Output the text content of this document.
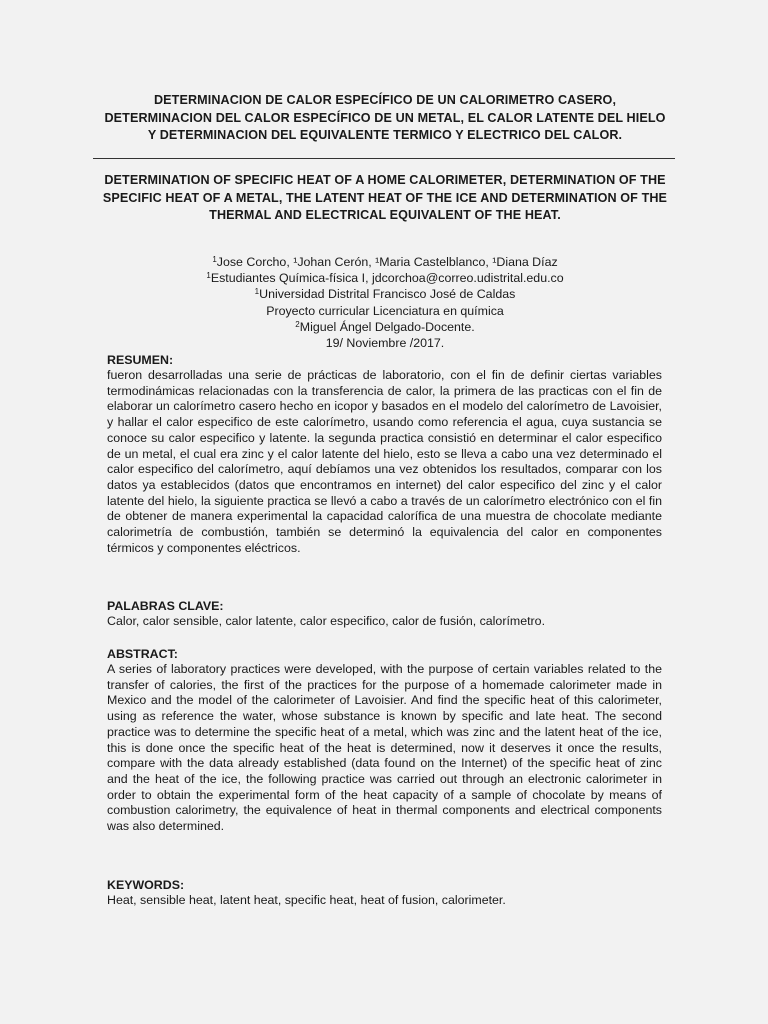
DETERMINACION DE CALOR ESPECÍFICO DE UN CALORIMETRO CASERO, DETERMINACION DEL CALOR ESPECÍFICO DE UN METAL, EL CALOR LATENTE DEL HIELO Y DETERMINACION DEL EQUIVALENTE TERMICO Y ELECTRICO DEL CALOR.
DETERMINATION OF SPECIFIC HEAT OF A HOME CALORIMETER, DETERMINATION OF THE SPECIFIC HEAT OF A METAL, THE LATENT HEAT OF THE ICE AND DETERMINATION OF THE THERMAL AND ELECTRICAL EQUIVALENT OF THE HEAT.
$^1$Jose Corcho, ¹Johan Cerón, ¹Maria Castelblanco, ¹Diana Díaz
$^1$Estudiantes Química-física I, jdcorchoa@correo.udistrital.edu.co
$^1$Universidad Distrital Francisco José de Caldas
Proyecto curricular Licenciatura en química
$^2$Miguel Ángel Delgado-Docente.
19/ Noviembre /2017.
RESUMEN:
fueron desarrolladas una serie de prácticas de laboratorio, con el fin de definir ciertas variables termodinámicas relacionadas con la transferencia de calor, la primera de las practicas con el fin de elaborar un calorímetro casero hecho en icopor y basados en el modelo del calorímetro de Lavoisier, y hallar el calor especifico de este calorímetro, usando como referencia el agua, cuya sustancia se conoce su calor especifico y latente. la segunda practica consistió en determinar el calor especifico de un metal, el cual era zinc y el calor latente del hielo, esto se lleva a cabo una vez determinado el calor especifico del calorímetro, aquí debíamos una vez obtenidos los resultados, comparar con los datos ya establecidos (datos que encontramos en internet) del calor especifico del zinc y el calor latente del hielo, la siguiente practica se llevó a cabo a través de un calorímetro electrónico con el fin de obtener de manera experimental la capacidad calorífica de una muestra de chocolate mediante calorimetría de combustión, también se determinó la equivalencia del calor en componentes térmicos y componentes eléctricos.
PALABRAS CLAVE:
Calor, calor sensible, calor latente, calor especifico, calor de fusión, calorímetro.
ABSTRACT:
A series of laboratory practices were developed, with the purpose of certain variables related to the transfer of calories, the first of the practices for the purpose of a homemade calorimeter made in Mexico and the model of the calorimeter of Lavoisier. And find the specific heat of this calorimeter, using as reference the water, whose substance is known by specific and late heat. The second practice was to determine the specific heat of a metal, which was zinc and the latent heat of the ice, this is done once the specific heat of the heat is determined, now it deserves it once the results, compare with the data already established (data found on the Internet) of the specific heat of zinc and the heat of the ice, the following practice was carried out through an electronic calorimeter in order to obtain the experimental form of the heat capacity of a sample of chocolate by means of combustion calorimetry, the equivalence of heat in thermal components and electrical components was also determined.
KEYWORDS:
Heat, sensible heat, latent heat, specific heat, heat of fusion, calorimeter.
